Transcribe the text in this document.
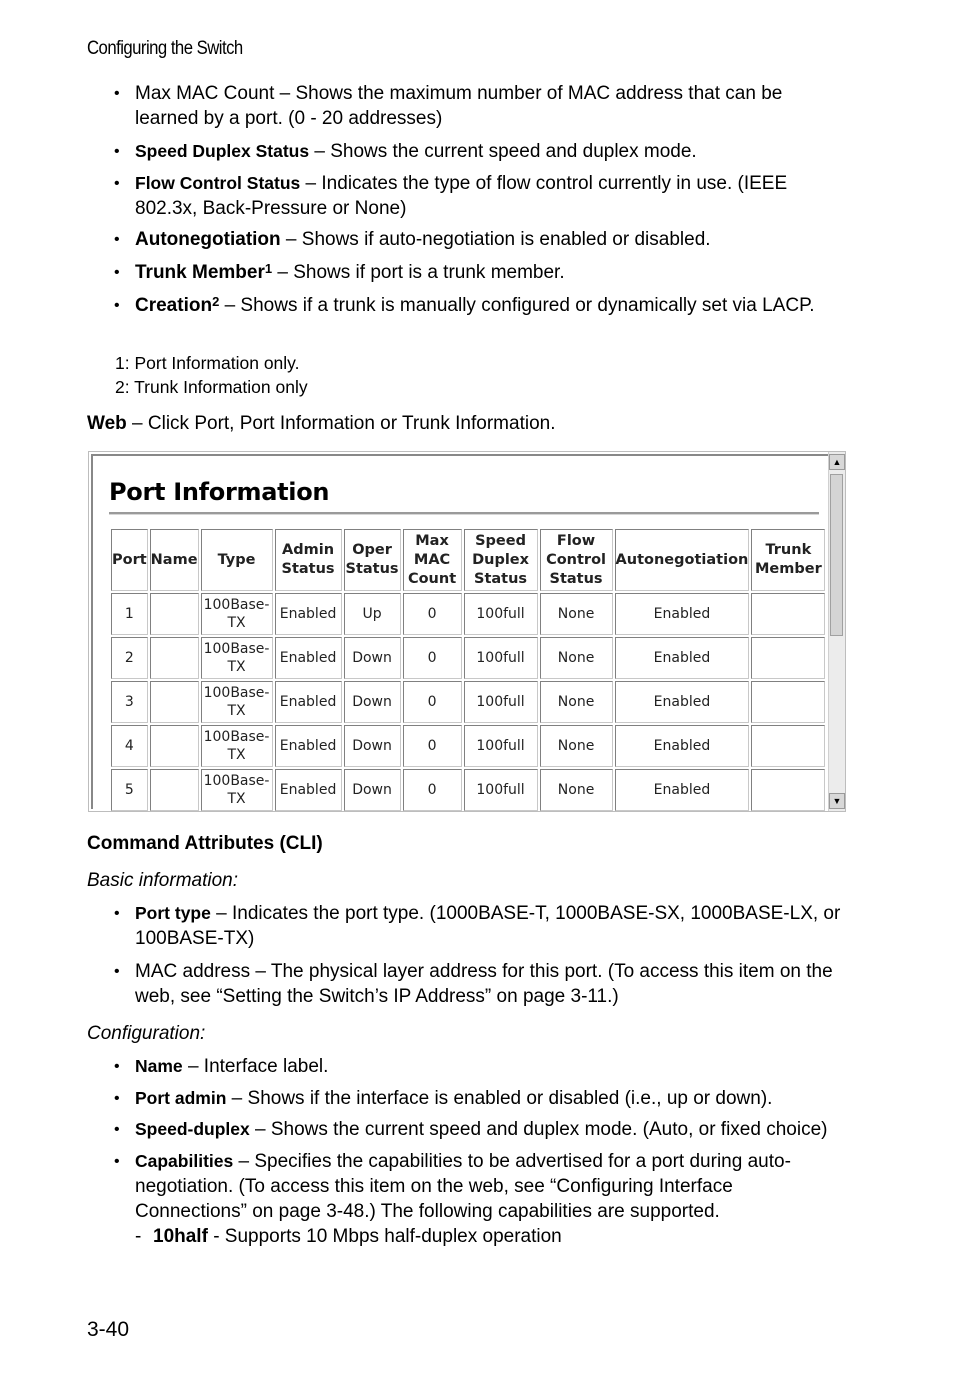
Configuring the Switch
• Max MAC Count – Shows the maximum number of MAC address that can be learned by a port. (0 - 20 addresses)
• Speed Duplex Status – Shows the current speed and duplex mode.
• Flow Control Status – Indicates the type of flow control currently in use. (IEEE 802.3x, Back-Pressure or None)
• Autonegotiation – Shows if auto-negotiation is enabled or disabled.
• Trunk Member$^1$ – Shows if port is a trunk member.
• Creation$^2$ – Shows if a trunk is manually configured or dynamically set via LACP.
1: Port Information only.
2: Trunk Information only
Web – Click Port, Port Information or Trunk Information.
Port Information
Port	Name	Type	Admin Status	Oper Status	Max MAC Count	Speed Duplex Status	Flow Control Status	Autonegotiation	Trunk Member
1		100Base-TX	Enabled	Up	0	100full	None	Enabled	
2		100Base-TX	Enabled	Down	0	100full	None	Enabled	
3		100Base-TX	Enabled	Down	0	100full	None	Enabled	
4		100Base-TX	Enabled	Down	0	100full	None	Enabled	
5		100Base-TX	Enabled	Down	0	100full	None	Enabled	
▲
▼
Command Attributes (CLI)
Basic information:
• Port type – Indicates the port type. (1000BASE-T, 1000BASE-SX, 1000BASE-LX, or 100BASE-TX)
• MAC address – The physical layer address for this port. (To access this item on the web, see “Setting the Switch’s IP Address” on page 3-11.)
Configuration:
• Name – Interface label.
• Port admin – Shows if the interface is enabled or disabled (i.e., up or down).
• Speed-duplex – Shows the current speed and duplex mode. (Auto, or fixed choice)
• Capabilities – Specifies the capabilities to be advertised for a port during auto-negotiation. (To access this item on the web, see “Configuring Interface Connections” on page 3-48.) The following capabilities are supported.
- 10half - Supports 10 Mbps half-duplex operation
3-40
